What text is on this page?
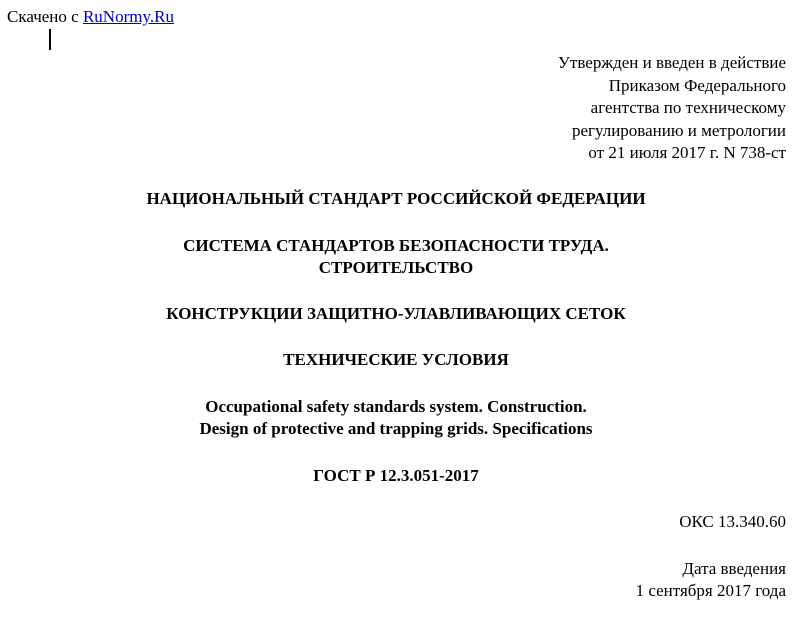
Скачено с RuNormy.Ru
Утвержден и введен в действие
Приказом Федерального
агентства по техническому
регулированию и метрологии
от 21 июля 2017 г. N 738-ст
НАЦИОНАЛЬНЫЙ СТАНДАРТ РОССИЙСКОЙ ФЕДЕРАЦИИ
СИСТЕМА СТАНДАРТОВ БЕЗОПАСНОСТИ ТРУДА.
СТРОИТЕЛЬСТВО
КОНСТРУКЦИИ ЗАЩИТНО-УЛАВЛИВАЮЩИХ СЕТОК
ТЕХНИЧЕСКИЕ УСЛОВИЯ
Occupational safety standards system. Construction.
Design of protective and trapping grids. Specifications
ГОСТ Р 12.3.051-2017
ОКС 13.340.60
Дата введения
1 сентября 2017 года
